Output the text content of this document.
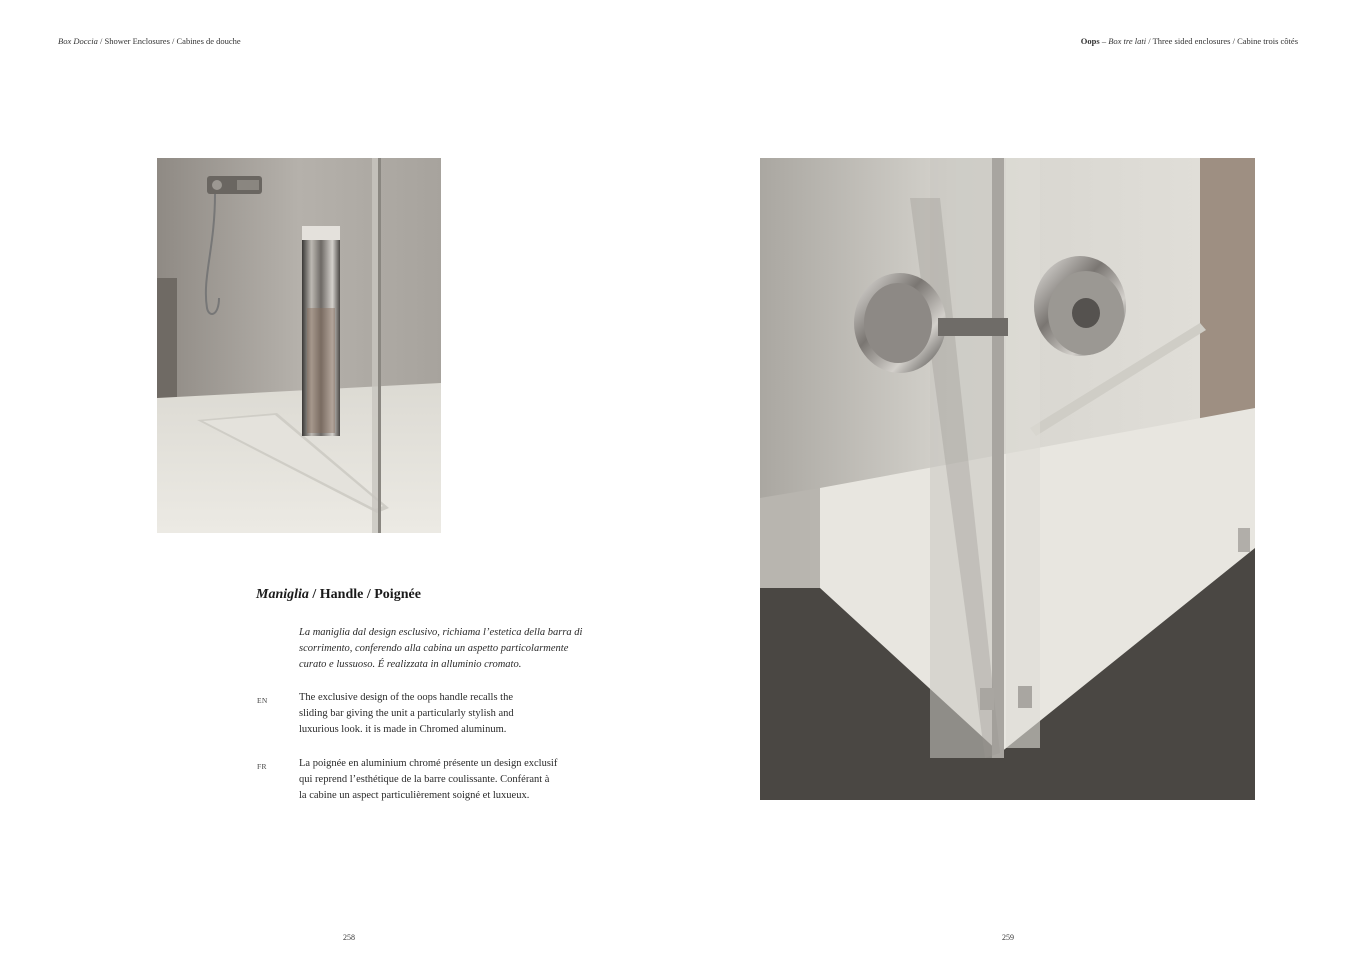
Box Doccia / Shower Enclosures / Cabines de douche	Oops – Box tre lati / Three sided enclosures / Cabine trois côtés
Maniglia / Handle / Poignée
La maniglia dal design esclusivo, richiama l’estetica della barra di
scorrimento, conferendo alla cabina un aspetto particolarmente
curato e lussuoso. É realizzata in alluminio cromato.
EN	The exclusive design of the oops handle recalls the
sliding bar giving the unit a particularly stylish and
luxurious look. it is made in Chromed aluminum.
FR	La poignée en aluminium chromé présente un design exclusif
qui reprend l’esthétique de la barre coulissante. Conférant à
la cabine un aspect particulièrement soigné et luxueux.
258	259
